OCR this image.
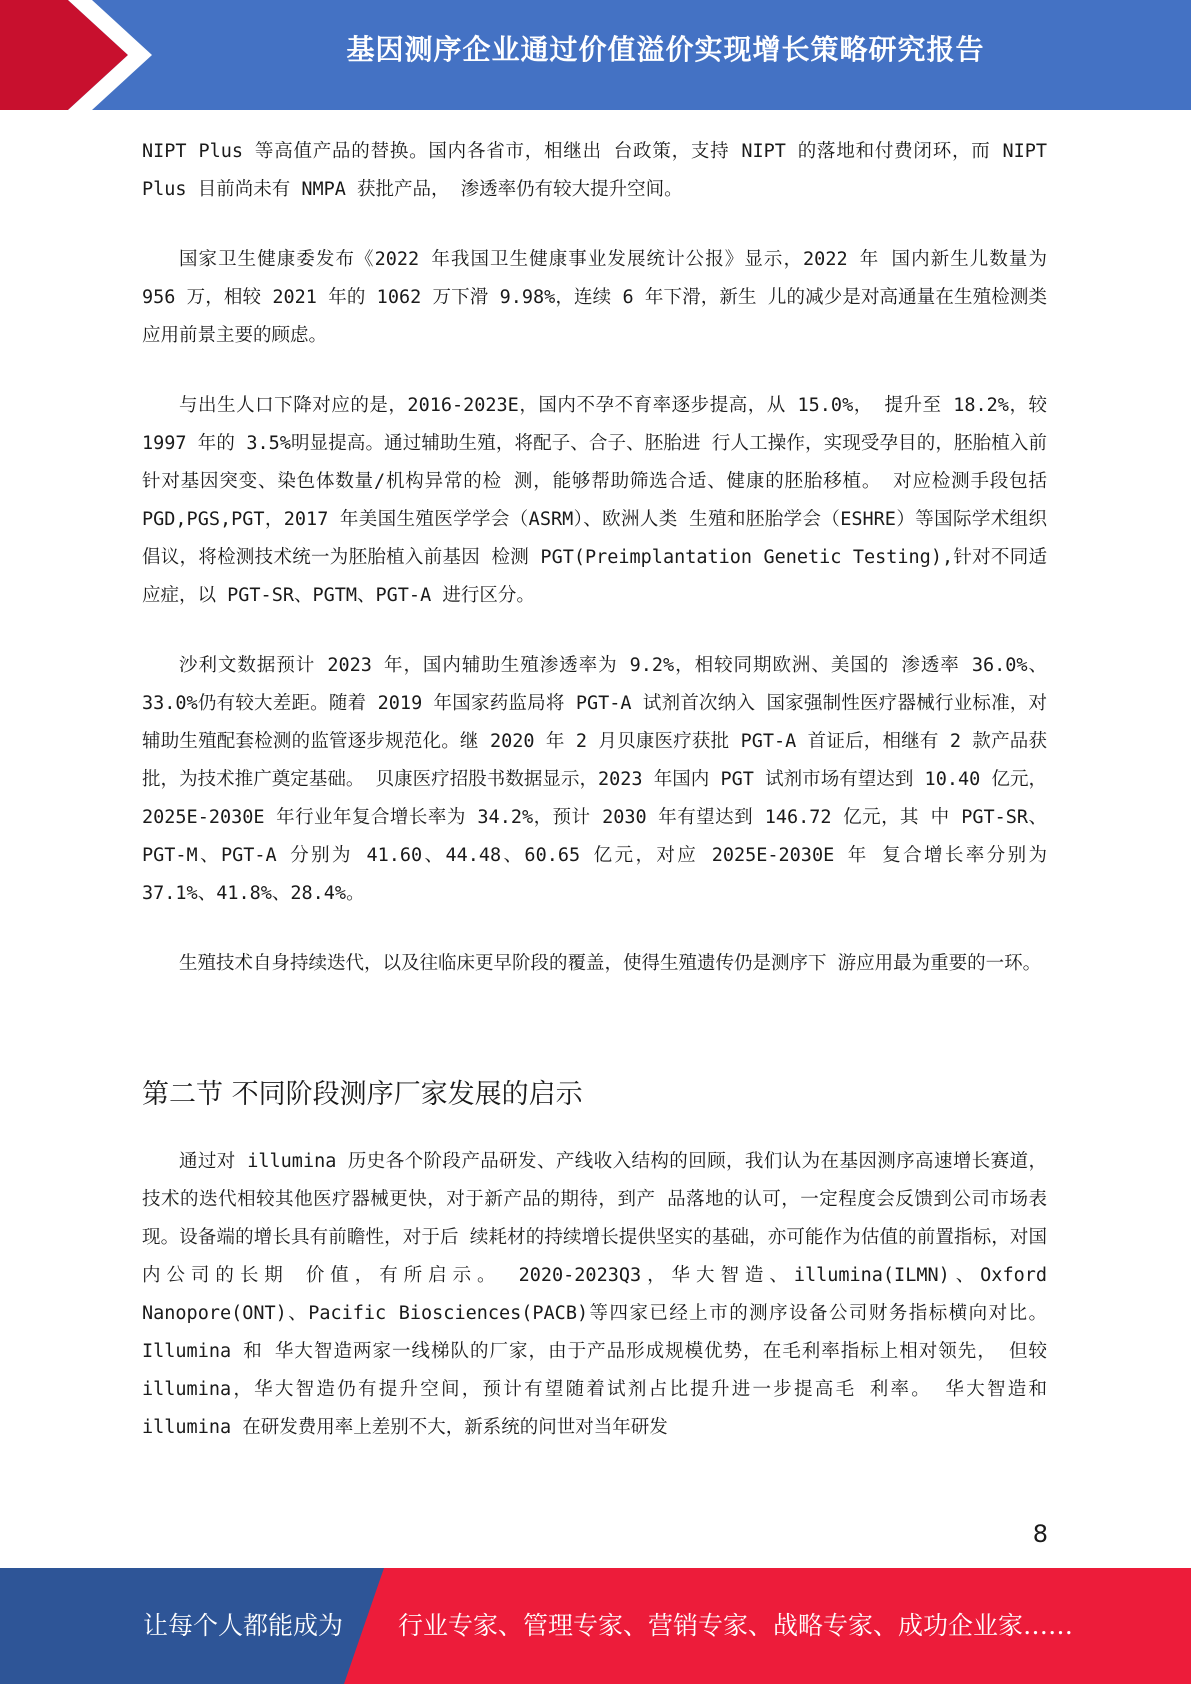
基因测序企业通过价值溢价实现增长策略研究报告

NIPT Plus 等高值产品的替换。国内各省市，相继出 台政策，支持 NIPT 的落地和付费闭环，而 NIPT Plus 目前尚未有 NMPA 获批产品， 渗透率仍有较大提升空间。

国家卫生健康委发布《2022 年我国卫生健康事业发展统计公报》显示，2022 年 国内新生儿数量为 956 万，相较 2021 年的 1062 万下滑 9.98%，连续 6 年下滑，新生 儿的减少是对高通量在生殖检测类应用前景主要的顾虑。

与出生人口下降对应的是，2016-2023E，国内不孕不育率逐步提高，从 15.0%， 提升至 18.2%，较 1997 年的 3.5%明显提高。通过辅助生殖，将配子、合子、胚胎进 行人工操作，实现受孕目的，胚胎植入前针对基因突变、染色体数量/机构异常的检 测，能够帮助筛选合适、健康的胚胎移植。 对应检测手段包括 PGD,PGS,PGT，2017 年美国生殖医学学会（ASRM）、欧洲人类 生殖和胚胎学会（ESHRE）等国际学术组织倡议，将检测技术统一为胚胎植入前基因 检测 PGT(Preimplantation Genetic Testing),针对不同适应症，以 PGT-SR、PGTM、PGT-A 进行区分。

沙利文数据预计 2023 年，国内辅助生殖渗透率为 9.2%，相较同期欧洲、美国的 渗透率 36.0%、33.0%仍有较大差距。随着 2019 年国家药监局将 PGT-A 试剂首次纳入 国家强制性医疗器械行业标准，对辅助生殖配套检测的监管逐步规范化。继 2020 年 2 月贝康医疗获批 PGT-A 首证后，相继有 2 款产品获批，为技术推广奠定基础。 贝康医疗招股书数据显示，2023 年国内 PGT 试剂市场有望达到 10.40 亿元， 2025E-2030E 年行业年复合增长率为 34.2%，预计 2030 年有望达到 146.72 亿元，其 中 PGT-SR、PGT-M、PGT-A 分别为 41.60、44.48、60.65 亿元，对应 2025E-2030E 年 复合增长率分别为 37.1%、41.8%、28.4%。

生殖技术自身持续迭代，以及往临床更早阶段的覆盖，使得生殖遗传仍是测序下 游应用最为重要的一环。

第二节 不同阶段测序厂家发展的启示

通过对 illumina 历史各个阶段产品研发、产线收入结构的回顾，我们认为在基因测序高速增长赛道，技术的迭代相较其他医疗器械更快，对于新产品的期待，到产 品落地的认可，一定程度会反馈到公司市场表现。设备端的增长具有前瞻性，对于后 续耗材的持续增长提供坚实的基础，亦可能作为估值的前置指标，对国内公司的长期 价值，有所启示。 2020-2023Q3，华大智造、illumina(ILMN)、Oxford Nanopore(ONT)、Pacific Biosciences(PACB)等四家已经上市的测序设备公司财务指标横向对比。Illumina 和 华大智造两家一线梯队的厂家，由于产品形成规模优势，在毛利率指标上相对领先， 但较 illumina，华大智造仍有提升空间，预计有望随着试剂占比提升进一步提高毛 利率。 华大智造和 illumina 在研发费用率上差别不大，新系统的问世对当年研发

8
让每个人都能成为 行业专家、管理专家、营销专家、战略专家、成功企业家……
